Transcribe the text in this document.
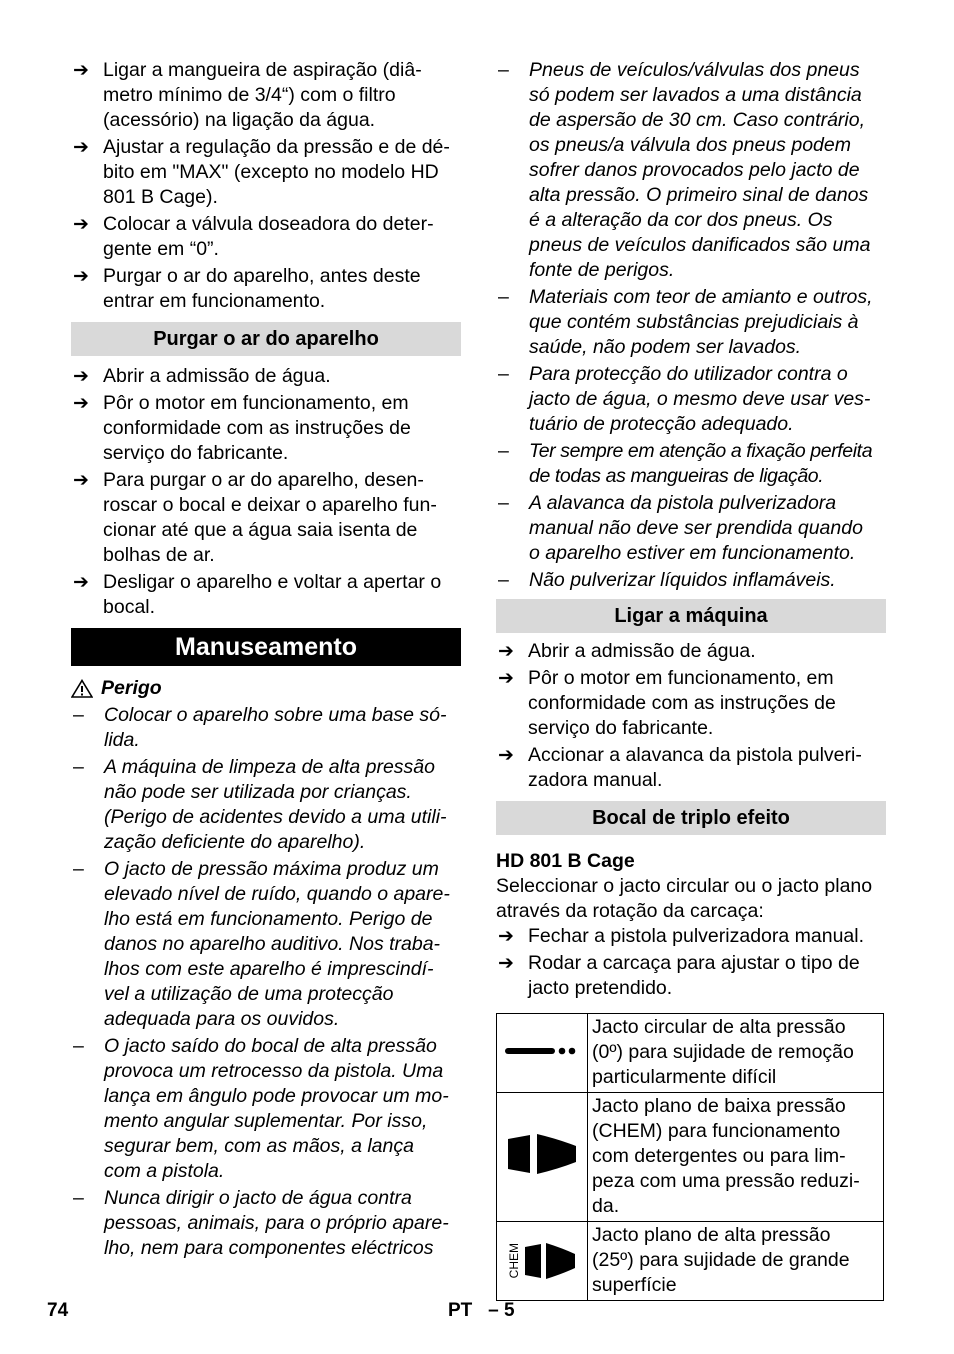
➔ Ligar a mangueira de aspiração (diâ-
metro mínimo de 3/4“) com o filtro
(acessório) na ligação da água.
➔ Ajustar a regulação da pressão e de dé-
bito em "MAX" (excepto no modelo HD
801 B Cage).
➔ Colocar a válvula doseadora do deter-
gente em “0”.
➔ Purgar o ar do aparelho, antes deste
entrar em funcionamento.
Purgar o ar do aparelho
➔ Abrir a admissão de água.
➔ Pôr o motor em funcionamento, em
conformidade com as instruções de
serviço do fabricante.
➔ Para purgar o ar do aparelho, desen-
roscar o bocal e deixar o aparelho fun-
cionar até que a água saia isenta de
bolhas de ar.
➔ Desligar o aparelho e voltar a apertar o
bocal.
Manuseamento
Perigo
– Colocar o aparelho sobre uma base só-
lida.
– A máquina de limpeza de alta pressão
não pode ser utilizada por crianças.
(Perigo de acidentes devido a uma utili-
zação deficiente do aparelho).
– O jacto de pressão máxima produz um
elevado nível de ruído, quando o apare-
lho está em funcionamento. Perigo de
danos no aparelho auditivo. Nos traba-
lhos com este aparelho é imprescindí-
vel a utilização de uma protecção
adequada para os ouvidos.
– O jacto saído do bocal de alta pressão
provoca um retrocesso da pistola. Uma
lança em ângulo pode provocar um mo-
mento angular suplementar. Por isso,
segurar bem, com as mãos, a lança
com a pistola.
– Nunca dirigir o jacto de água contra
pessoas, animais, para o próprio apare-
lho, nem para componentes eléctricos
– Pneus de veículos/válvulas dos pneus
só podem ser lavados a uma distância
de aspersão de 30 cm. Caso contrário,
os pneus/a válvula dos pneus podem
sofrer danos provocados pelo jacto de
alta pressão. O primeiro sinal de danos
é a alteração da cor dos pneus. Os
pneus de veículos danificados são uma
fonte de perigos.
– Materiais com teor de amianto e outros,
que contém substâncias prejudiciais à
saúde, não podem ser lavados.
– Para protecção do utilizador contra o
jacto de água, o mesmo deve usar ves-
tuário de protecção adequado.
– Ter sempre em atenção a fixação perfeita
de todas as mangueiras de ligação.
– A alavanca da pistola pulverizadora
manual não deve ser prendida quando
o aparelho estiver em funcionamento.
– Não pulverizar líquidos inflamáveis.
Ligar a máquina
➔ Abrir a admissão de água.
➔ Pôr o motor em funcionamento, em
conformidade com as instruções de
serviço do fabricante.
➔ Accionar a alavanca da pistola pulveri-
zadora manual.
Bocal de triplo efeito
HD 801 B Cage
Seleccionar o jacto circular ou o jacto plano
através da rotação da carcaça:
➔ Fechar a pistola pulverizadora manual.
➔ Rodar a carcaça para ajustar o tipo de
jacto pretendido.

Jacto circular de alta pressão
(0º) para sujidade de remoção
particularmente difícil

Jacto plano de baixa pressão
(CHEM) para funcionamento
com detergentes ou para lim-
peza com uma pressão reduzi-
da.

CHEM	Jacto plano de alta pressão
(25º) para sujidade de grande
superfície
74	PT   – 5
